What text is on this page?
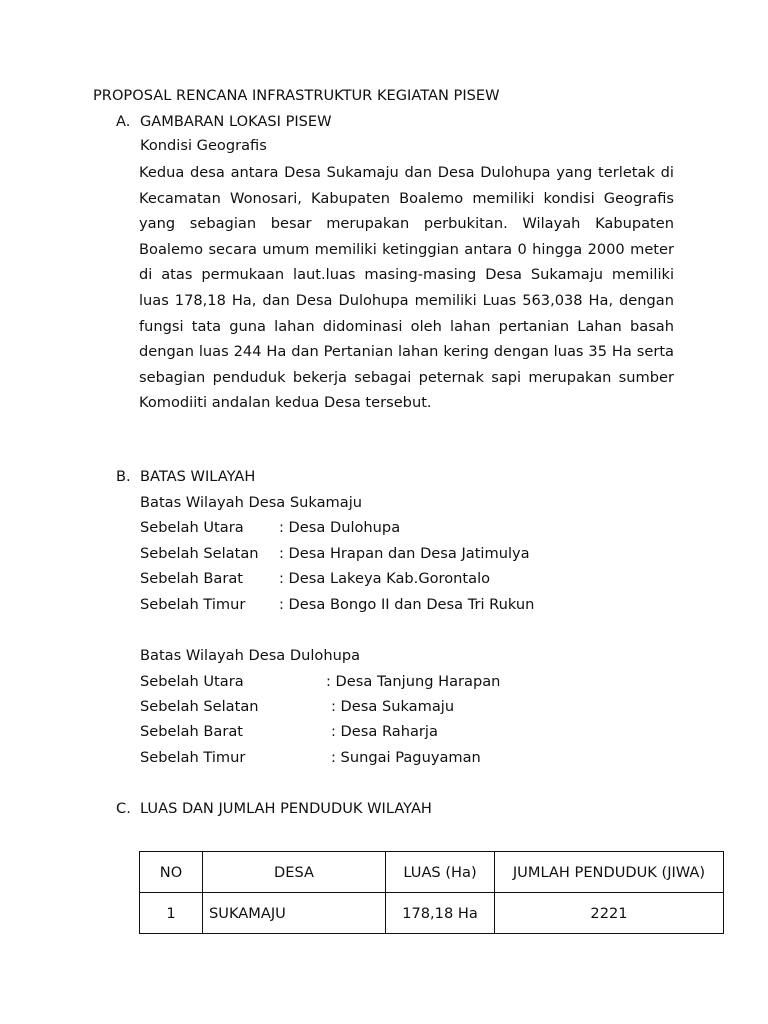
PROPOSAL RENCANA INFRASTRUKTUR KEGIATAN PISEW
A. GAMBARAN LOKASI PISEW
Kondisi Geografis
Kedua desa antara Desa Sukamaju dan Desa Dulohupa yang terletak di Kecamatan Wonosari, Kabupaten Boalemo memiliki kondisi Geografis yang sebagian besar merupakan perbukitan. Wilayah Kabupaten Boalemo secara umum memiliki ketinggian antara 0 hingga 2000 meter di atas permukaan laut.luas masing-masing Desa Sukamaju memiliki luas 178,18 Ha, dan Desa Dulohupa memiliki Luas 563,038 Ha, dengan fungsi tata guna lahan didominasi oleh lahan pertanian Lahan basah dengan luas 244 Ha dan Pertanian lahan kering dengan luas 35 Ha serta sebagian penduduk bekerja sebagai peternak sapi merupakan sumber Komodiiti andalan kedua Desa tersebut.
B. BATAS WILAYAH
Batas Wilayah Desa Sukamaju
Sebelah Utara : Desa Dulohupa
Sebelah Selatan : Desa Hrapan dan Desa Jatimulya
Sebelah Barat : Desa Lakeya Kab.Gorontalo
Sebelah Timur : Desa Bongo II dan Desa Tri Rukun
Batas Wilayah Desa Dulohupa
Sebelah Utara	: Desa Tanjung Harapan
Sebelah Selatan	: Desa Sukamaju
Sebelah Barat	: Desa Raharja
Sebelah Timur	: Sungai Paguyaman
C. LUAS DAN JUMLAH PENDUDUK WILAYAH
NO	DESA	LUAS (Ha)	JUMLAH PENDUDUK (JIWA)
1	SUKAMAJU	178,18 Ha	2221
